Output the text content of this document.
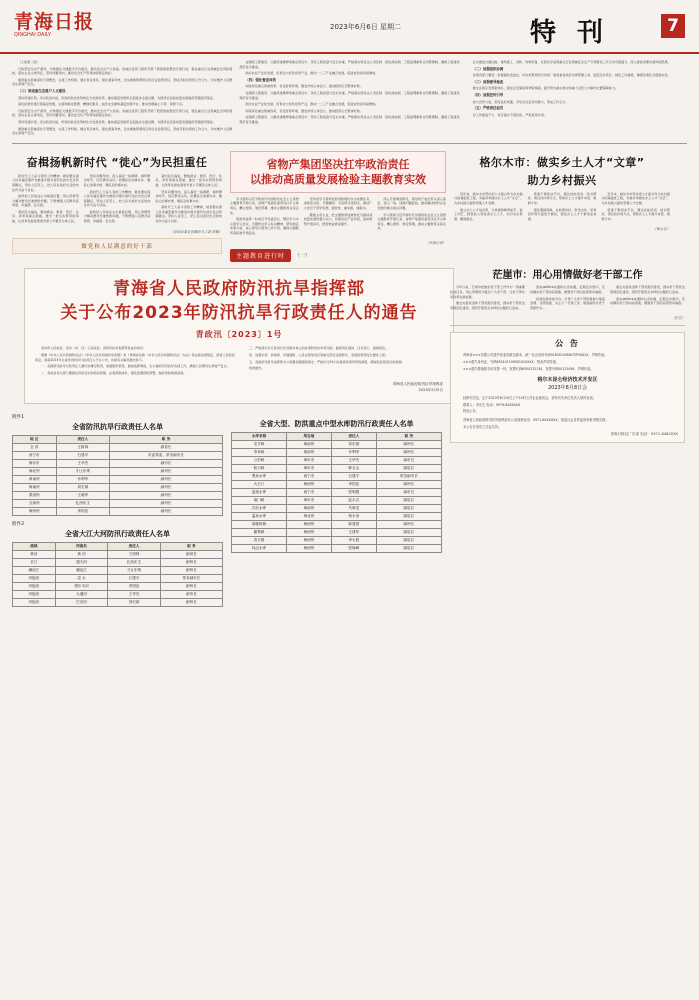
青海日报
QINGHAI DAILY
2023年6月6日 星期二	特 刊	7

（上接第二版）

行政部安全出产督导、生物强化交通数字平台建设，推动安全出产大检查。各地区各部门组织开展了隐患排查整治专项行动，强化重点行业领域安全风险管控，落实企业主体责任，坚持问题导向，推动安全生产形势持续稳定向好。

围绕重点领域深化专项整治，完善工作机制，健全责任体系，强化督查考核，压实属地管理责任和行业监管责任，形成齐抓共管的工作合力，切实维护人民群众生命财产安全。

（三）推进惠生态落户人文建设

坚持党建引领，突出政治功能，把党的政治优势转化为发展优势，推动基层党组织全面进步全面过硬，为经济社会高质量发展提供坚强组织保证。

深化拓展党建引领基层治理，完善网格化管理、精细化服务、信息化支撑的基层治理平台，推动治理重心下移、资源下沉。

行政部安全出产督导、生物强化交通数字平台建设，推动安全出产大检查。各地区各部门组织开展了隐患排查整治专项行动，强化重点行业领域安全风险管控，落实企业主体责任，坚持问题导向，推动安全生产形势持续稳定向好。

坚持党建引领，突出政治功能，把党的政治优势转化为发展优势，推动基层党组织全面进步全面过硬，为经济社会高质量发展提供坚强组织保证。

围绕重点领域深化专项整治，完善工作机制，健全责任体系，强化督查考核，压实属地管理责任和行业监管责任，形成齐抓共管的工作合力，切实维护人民群众生命财产安全。

在保障工程建设、公路改建维修等重点项目中，坚持工程质量与安全并重，严格落实项目法人责任制、招标投标制、工程监理制和合同管理制，确保工程建设规范有序推进。

抓好农业产业化发展，培育壮大特色优势产业，推动一二三产业融合发展，促进农牧民持续增收。

（四）强化督查问效

持续深化重点领域改革，优化营商环境，激发市场主体活力，推动经济运行整体好转。

在保障工程建设、公路改建维修等重点项目中，坚持工程质量与安全并重，严格落实项目法人责任制、招标投标制、工程监理制和合同管理制，确保工程建设规范有序推进。

抓好农业产业化发展，培育壮大特色优势产业，推动一二三产业融合发展，促进农牧民持续增收。

持续深化重点领域改革，优化营商环境，激发市场主体活力，推动经济运行整体好转。

在保障工程建设、公路改建维修等重点项目中，坚持工程质量与安全并重，严格落实项目法人责任制、招标投标制、工程监理制和合同管理制，确保工程建设规范有序推进。

扎实推进交通运输、建筑施工、消防、特种设备、危险化学品等重点行业领域安全生产专项整治三年行动巩固提升，深入排查治理各类风险隐患。

（二）加强组织协调

各级各部门要进一步提高政治站位，切实把思想和行动统一到省委省政府决策部署上来，层层压实责任，细化工作措施，确保各项任务落到实处。

（三）加强督导检查

健全完善应急预案体系，强化应急演练和物资储备，提升防灾减灾救灾和重大突发公共事件处置保障能力。

（四）加强宣传引导

加大宣传力度，营造良好氛围，引导全社会共同参与，形成工作合力。

（五）严格责任追究

对工作推进不力、责任落实不到位的，严肃追责问责。

奋楫扬帆新时代 “徙心”为民担重任

新时代工大奋斗者的工作精神，就是要实现人民幸福安康作为推进中国式现代化的出发点和落脚点，坚持人民至上，把人民对美好生活的向往作为奋斗目标。

始终把人民放在心中最高位置，用心用情用力解决群众急难愁盼问题，不断增强人民群众获得感、幸福感、安全感。

紧扣民生福祉，聚焦就业、教育、医疗、住房、养老等重点领域，推出一批务实管用的举措，让改革发展成果更多更公平惠及全体人民。

坚持问题导向，深入基层一线调研，倾听群众呼声，回应群众关切，把惠民生的事办实、暖民心的事办细、顺民意的事办好。

新时代工大奋斗者的工作精神，就是要实现人民幸福安康作为推进中国式现代化的出发点和落脚点，坚持人民至上，把人民对美好生活的向往作为奋斗目标。

始终把人民放在心中最高位置，用心用情用力解决群众急难愁盼问题，不断增强人民群众获得感、幸福感、安全感。

紧扣民生福祉，聚焦就业、教育、医疗、住房、养老等重点领域，推出一批务实管用的举措，让改革发展成果更多更公平惠及全体人民。

坚持问题导向，深入基层一线调研，倾听群众呼声，回应群众关切，把惠民生的事办实、暖民心的事办细、顺民意的事办好。

新时代工大奋斗者的工作精神，就是要实现人民幸福安康作为推进中国式现代化的出发点和落脚点，坚持人民至上，把人民对美好生活的向往作为奋斗目标。

（青海省委省直属机关工委 供稿）
做党和人民满意的好干部
省物产集团坚决扛牢政治责任
以推动高质量发展检验主题教育实效

学习贯彻习近平新时代中国特色社会主义思想主题教育开展以来，省物产集团党委坚决扛牢主体责任，精心组织、周密部署，推动主题教育走深走实。

集团党委第一时间召开党委会议、理论学习中心组学习会议，专题传达学习有关精神，研究制定实施方案，成立领导小组和工作专班，确保主题教育高标准开局起步。

坚持把学习贯彻党的创新理论作为首要任务，采取读书班、专题辅导、交流研讨等形式，推动广大党员干部学思想、强党性、重实践、建新功。

聚焦主责主业，把主题教育成效转化为推动高质量发展的强大动力，持续优化产业布局，加快转型升级步伐，经营效益稳步提升。

深入开展调查研究，领导班子成员带头深入基层、深入一线，找准问题症结，推动解决制约企业发展的难点堵点问题。

学习贯彻习近平新时代中国特色社会主义思想主题教育开展以来，省物产集团党委坚决扛牢主体责任，精心组织、周密部署，推动主题教育走深走实。

（本报记者）
主题教育进行时	（一）
格尔木市：做实乡土人才“文章”
助力乡村振兴

近年来，格尔木市坚持把人才振兴作为乡村振兴的基础性工程，多措并举做实乡土人才“文章”，为乡村振兴提供坚强人才支撑。

建立乡土人才信息库，分类摸排种养能手、能工巧匠、经营能人等各类乡土人才，实行动态管理、精准服务。

搭建干事创业平台，通过技能培训、结对帮扶、项目扶持等方式，帮助乡土人才提升本领、施展才华。

强化激励保障，在政策扶持、资金支持、荣誉表彰等方面给予倾斜，激发乡土人才干事创业热情。

近年来，格尔木市坚持把人才振兴作为乡村振兴的基础性工程，多措并举做实乡土人才“文章”，为乡村振兴提供坚强人才支撑。

搭建干事创业平台，通过技能培训、结对帮扶、项目扶持等方式，帮助乡土人才提升本领、施展才华。

（格公宣）
青海省人民政府防汛抗旱指挥部
关于公布2023年防汛抗旱行政责任人的通告
青政汛〔2023〕1号

各市州人民政府，各县（市、区）人民政府，省防汛抗旱指挥部各成员单位：

根据《中华人民共和国防洪法》《中华人民共和国抗旱条例》和《青海省实施〈中华人民共和国防洪法〉办法》等法律法规规定，经省人民政府同意，现将2023年全省防汛抗旱行政责任人予以公布，并就有关事项通告如下。

一、各级防汛抗旱行政责任人要切实履行职责，加强组织领导，靠前指挥调度，全力做好防汛抗旱各项工作，确保人民群众生命财产安全。

二、各地各有关部门要强化风险意识和底线思维，完善预案体系，强化监测预报预警，做好抢险救援准备。

三、严格落实以行政首长负责制为核心的各项防汛抗旱责任制，做到责任到岗、任务到人、措施到位。

四、加强水库、淤地坝、河道堤防、山洪灾害易发区等重点部位巡查防守，发现险情及时处置并上报。

五、各级防汛抗旱指挥部办公室要加强值班值守，严格执行24小时值班和领导带班制度，确保信息报送及时准确。

特此通告。

青海省人民政府防汛抗旱指挥部
2023年5月5日
附件1
全省防汛抗旱行政责任人名单
地 区	责任人	职 务
全 省	王树林	副省长
西宁市	石建平	市委常委、常务副市长
海东市	王华杰	副市长
海北州	才让东珠	副州长
黄南州	乔利军	副州长
海南州	刘宏斌	副州长
果洛州	王晓军	副州长
玉树州	扎西东主	副州长
海西州	李国忠	副州长
附件2
全省大江大河防汛行政责任人名单
流域	河流名	责任人	职 务
黄河	黄 河	王树林	副省长
长江	通天河	扎西东主	副州长
澜沧江	澜沧江	才让东珠	副州长
内陆河	湟 水	石建平	常务副市长
内陆河	格尔木河	李国忠	副州长
内陆河	大通河	王华杰	副市长
内陆河	巴音河	刘宏斌	副州长
全省大型、防洪重点中型水库防汛行政责任人名单
水库名称	所在地	责任人	职 务
龙羊峡	海南州	刘宏斌	副州长
李家峡	黄南州	乔利军	副州长
公伯峡	海东市	王华杰	副市长
积石峡	海东市	韩玉山	副县长
黑泉水库	西宁市	石建平	常务副市长
大石门	海西州	李国忠	副州长
盘道水库	西宁市	张明德	副市长
南门峡	海东市	赵永吉	副县长
沟后水库	海南州	马海龙	副县长
温泉水库	海北州	杨永寿	副县长
那棱格勒	海西州	陈建国	副州长
蓄集峡	海西州	王建军	副县长
香日德	海西州	李永胜	副县长
哇沿水库	海西州	张海峰	副县长
茫崖市：用心用情做好老干部工作

今年以来，茫崖市把做好老干部工作作为一项重要政治任务，用心用情用力服务广大老干部，让老干部共享改革发展成果。

健全完善离退休干部党组织建设，推动老干部党支部规范化建设，组织开展形式多样的主题党日活动。

落实politics待遇和生活待遇，定期走访慰问，及时解决老干部实际困难，增强老干部的获得感幸福感。

搭建发挥余热平台，引导广大老干部积极参与基层治理、文明创建、关心下一代等工作，展现新时代老干部新作为。

健全完善离退休干部党组织建设，推动老干部党支部规范化建设，组织开展形式多样的主题党日活动。

落实politics待遇和生活待遇，定期走访慰问，及时解决老干部实际困难，增强老干部的获得感幸福感。

（茫宣）
公 告

青海省×××有限公司遗失营业执照正副本，统一社会信用代码91630100MA75P3XX2X，声明作废。

×××遗失身份证，号码63010119900101XXXX，特此声明作废。

×××遗失增值税专用发票一份，发票代码6300232130，发票号码00123456，声明作废。

格尔木昆仑经济技术开发区
2023年8月8日会

经研究决定，定于2023年6月20日上午10时召开企业座谈会，请各有关单位负责人准时参加。

联系人：李先生 电话：0979-84XXXXX

特此公告。

青海省人民政府防汛抗旱指挥部办公室值班电话：0971-6XXXXXX，欢迎社会各界监督举报汛情灾情。

本公告自发布之日起生效。

青海日报社广告部 电话：0971-8482XXX
